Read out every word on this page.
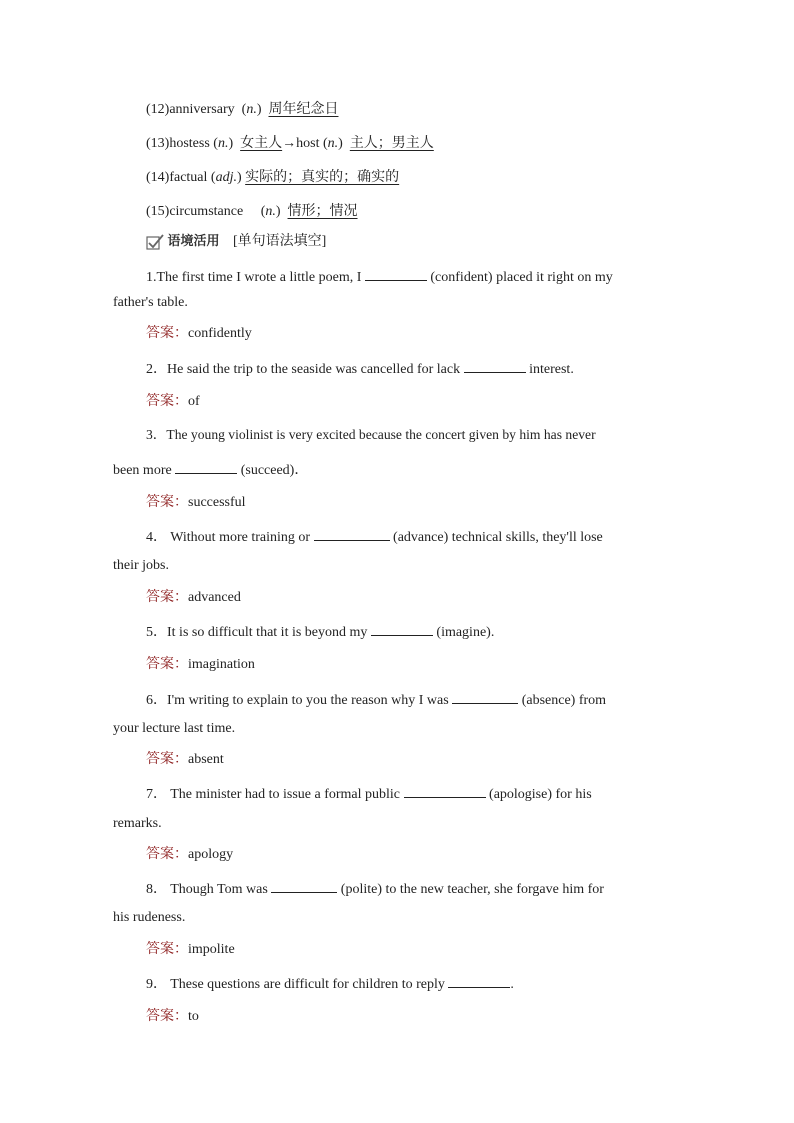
(12)anniversary  (n.)  周年纪念日
(13)hostess (n.)  女主人→host (n.)  主人；男主人
(14)factual (adj.) 实际的；真实的；确实的
(15)circumstance     (n.)  情形；情况
语境活用 [单句语法填空]
1.The first time I wrote a little poem, I	(confident) placed it right on my
father's table.
答案：confidently
2．He said the trip to the seaside was cancelled for lack	interest.
答案：of
3．The young violinist is very excited because the concert given by him has never
been more	(succeed)．
答案：successful
4． Without more training or	(advance) technical skills, they'll lose
their jobs.
答案：advanced
5．It is so difficult that it is beyond my	(imagine).
答案：imagination
6．I'm writing to explain to you the reason why I was	(absence) from
your lecture last time.
答案：absent
7． The minister had to issue a formal public	(apologise) for his
remarks.
答案：apology
8． Though Tom was	(polite) to the new teacher, she forgave him for
his rudeness.
答案：impolite
9． These questions are difficult for children to reply	.
答案：to
